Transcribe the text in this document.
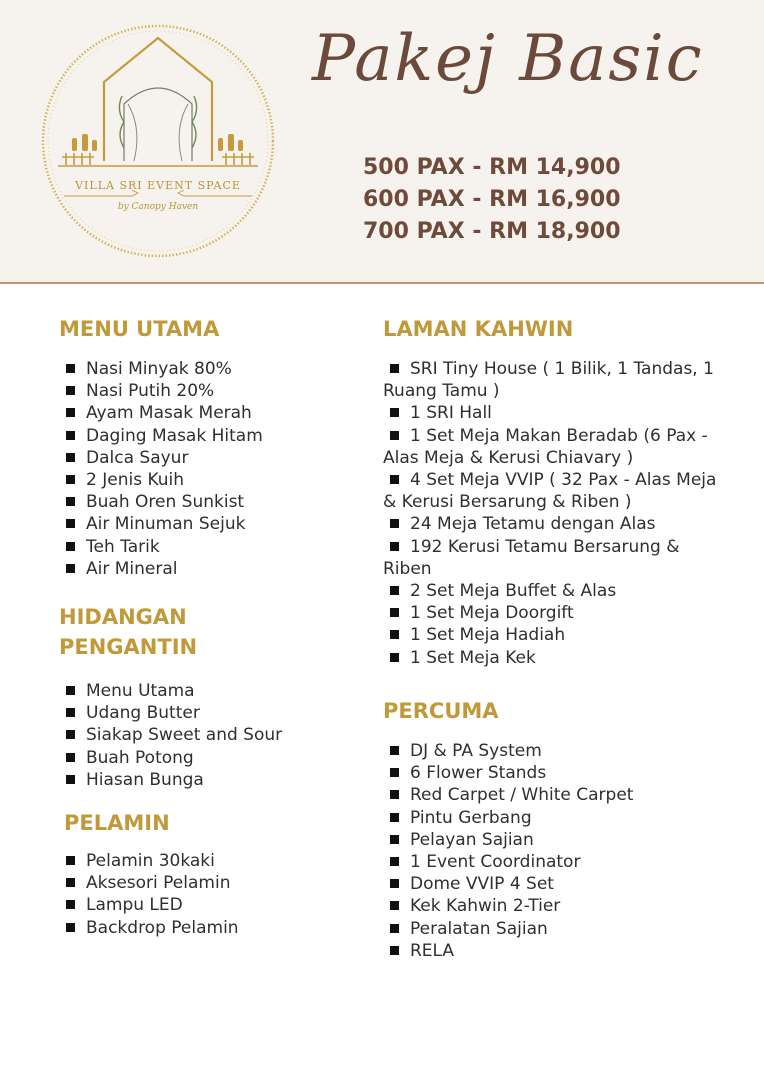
VILLA SRI EVENT SPACE
by Canopy Haven
Pakej Basic
500 PAX - RM 14,900
600 PAX - RM 16,900
700 PAX - RM 18,900
MENU UTAMA
Nasi Minyak 80%
Nasi Putih 20%
Ayam Masak Merah
Daging Masak Hitam
Dalca Sayur
2 Jenis Kuih
Buah Oren Sunkist
Air Minuman Sejuk
Teh Tarik
Air Mineral
HIDANGAN
PENGANTIN
Menu Utama
Udang Butter
Siakap Sweet and Sour
Buah Potong
Hiasan Bunga
PELAMIN
Pelamin 30kaki
Aksesori Pelamin
Lampu LED
Backdrop Pelamin
LAMAN KAHWIN
SRI Tiny House ( 1 Bilik, 1 Tandas, 1 Ruang Tamu )
1 SRI Hall
1 Set Meja Makan Beradab (6 Pax - Alas Meja & Kerusi Chiavary )
4 Set Meja VVIP ( 32 Pax - Alas Meja & Kerusi Bersarung & Riben )
24 Meja Tetamu dengan Alas
192 Kerusi Tetamu Bersarung & Riben
2 Set Meja Buffet & Alas
1 Set Meja Doorgift
1 Set Meja Hadiah
1 Set Meja Kek
PERCUMA
DJ & PA System
6 Flower Stands
Red Carpet / White Carpet
Pintu Gerbang
Pelayan Sajian
1 Event Coordinator
Dome VVIP 4 Set
Kek Kahwin 2-Tier
Peralatan Sajian
RELA
